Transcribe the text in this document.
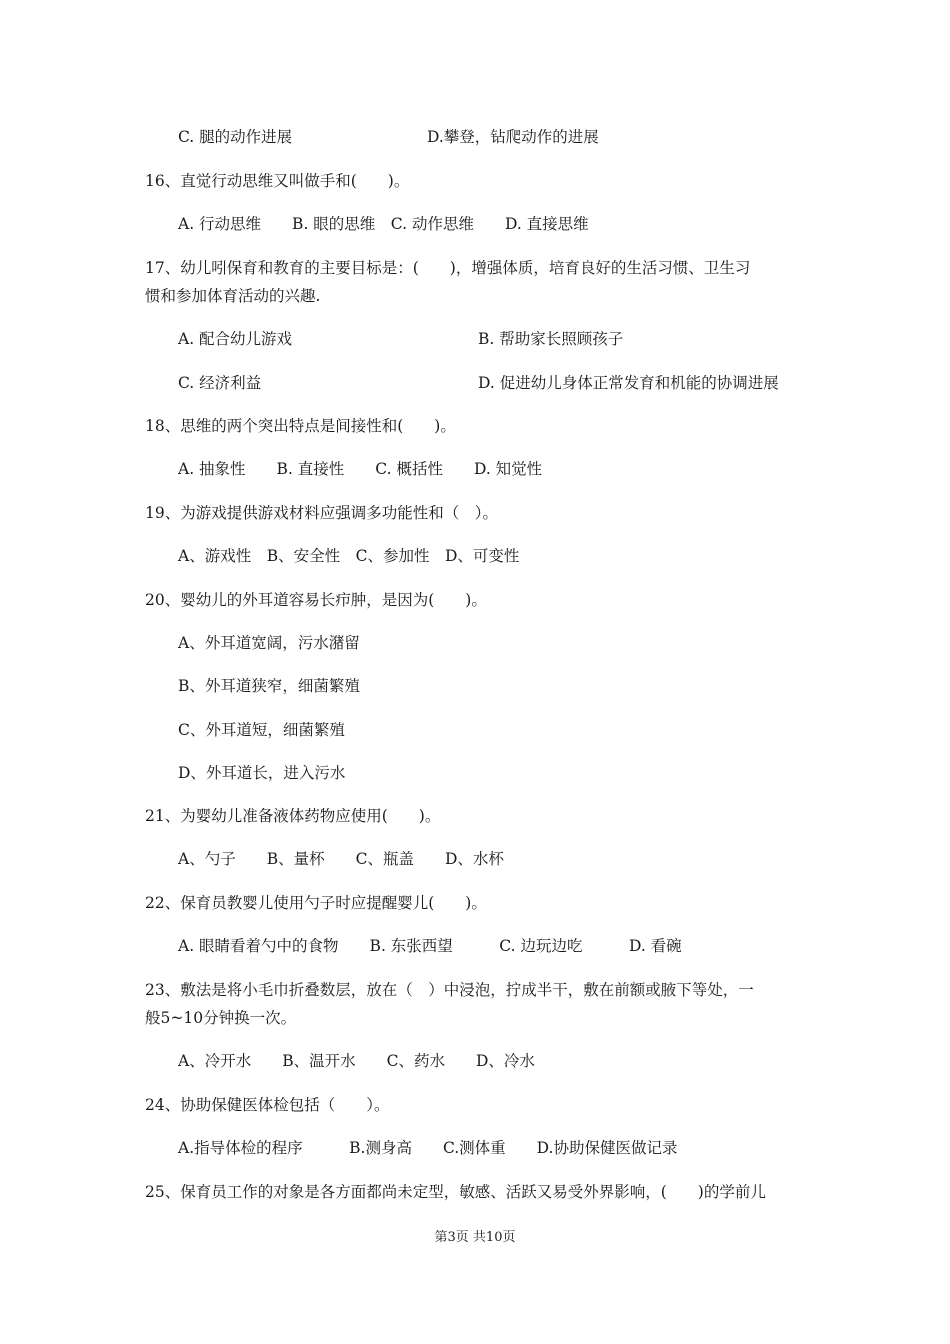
C. 腿的动作进展	D.攀登，钻爬动作的进展
16、直觉行动思维又叫做手和(　　)。
A. 行动思维　　B. 眼的思维　C. 动作思维　　D. 直接思维
17、幼儿吲保育和教育的主要目标是：(　　)，增强体质，培育良好的生活习惯、卫生习
惯和参加体育活动的兴趣.
A. 配合幼儿游戏	B. 帮助家长照顾孩子
C. 经济利益	D. 促进幼儿身体正常发育和机能的协调进展
18、思维的两个突出特点是间接性和(　　)。
A. 抽象性　　B. 直接性　　C. 概括性　　D. 知觉性
19、为游戏提供游戏材料应强调多功能性和（　）。
A、游戏性　B、安全性　C、参加性　D、可变性
20、婴幼儿的外耳道容易长疖肿，是因为(　　)。
A、外耳道宽阔，污水潴留
B、外耳道狭窄，细菌繁殖
C、外耳道短，细菌繁殖
D、外耳道长，进入污水
21、为婴幼儿准备液体药物应使用(　　)。
A、勺子　　B、量杯　　C、瓶盖　　D、水杯
22、保育员教婴儿使用勺子时应提醒婴儿(　　)。
A. 眼睛看着勺中的食物　　B. 东张西望　　　C. 边玩边吃　　　D. 看碗
23、敷法是将小毛巾折叠数层，放在（　）中浸泡，拧成半干，敷在前额或腋下等处，一
般5~10分钟换一次。
A、冷开水　　B、温开水　　C、药水　　D、冷水
24、协助保健医体检包括（　　）。
A.指导体检的程序　　　B.测身高　　C.测体重　　D.协助保健医做记录
25、保育员工作的对象是各方面都尚未定型，敏感、活跃又易受外界影响，(　　)的学前儿
第3页 共10页
